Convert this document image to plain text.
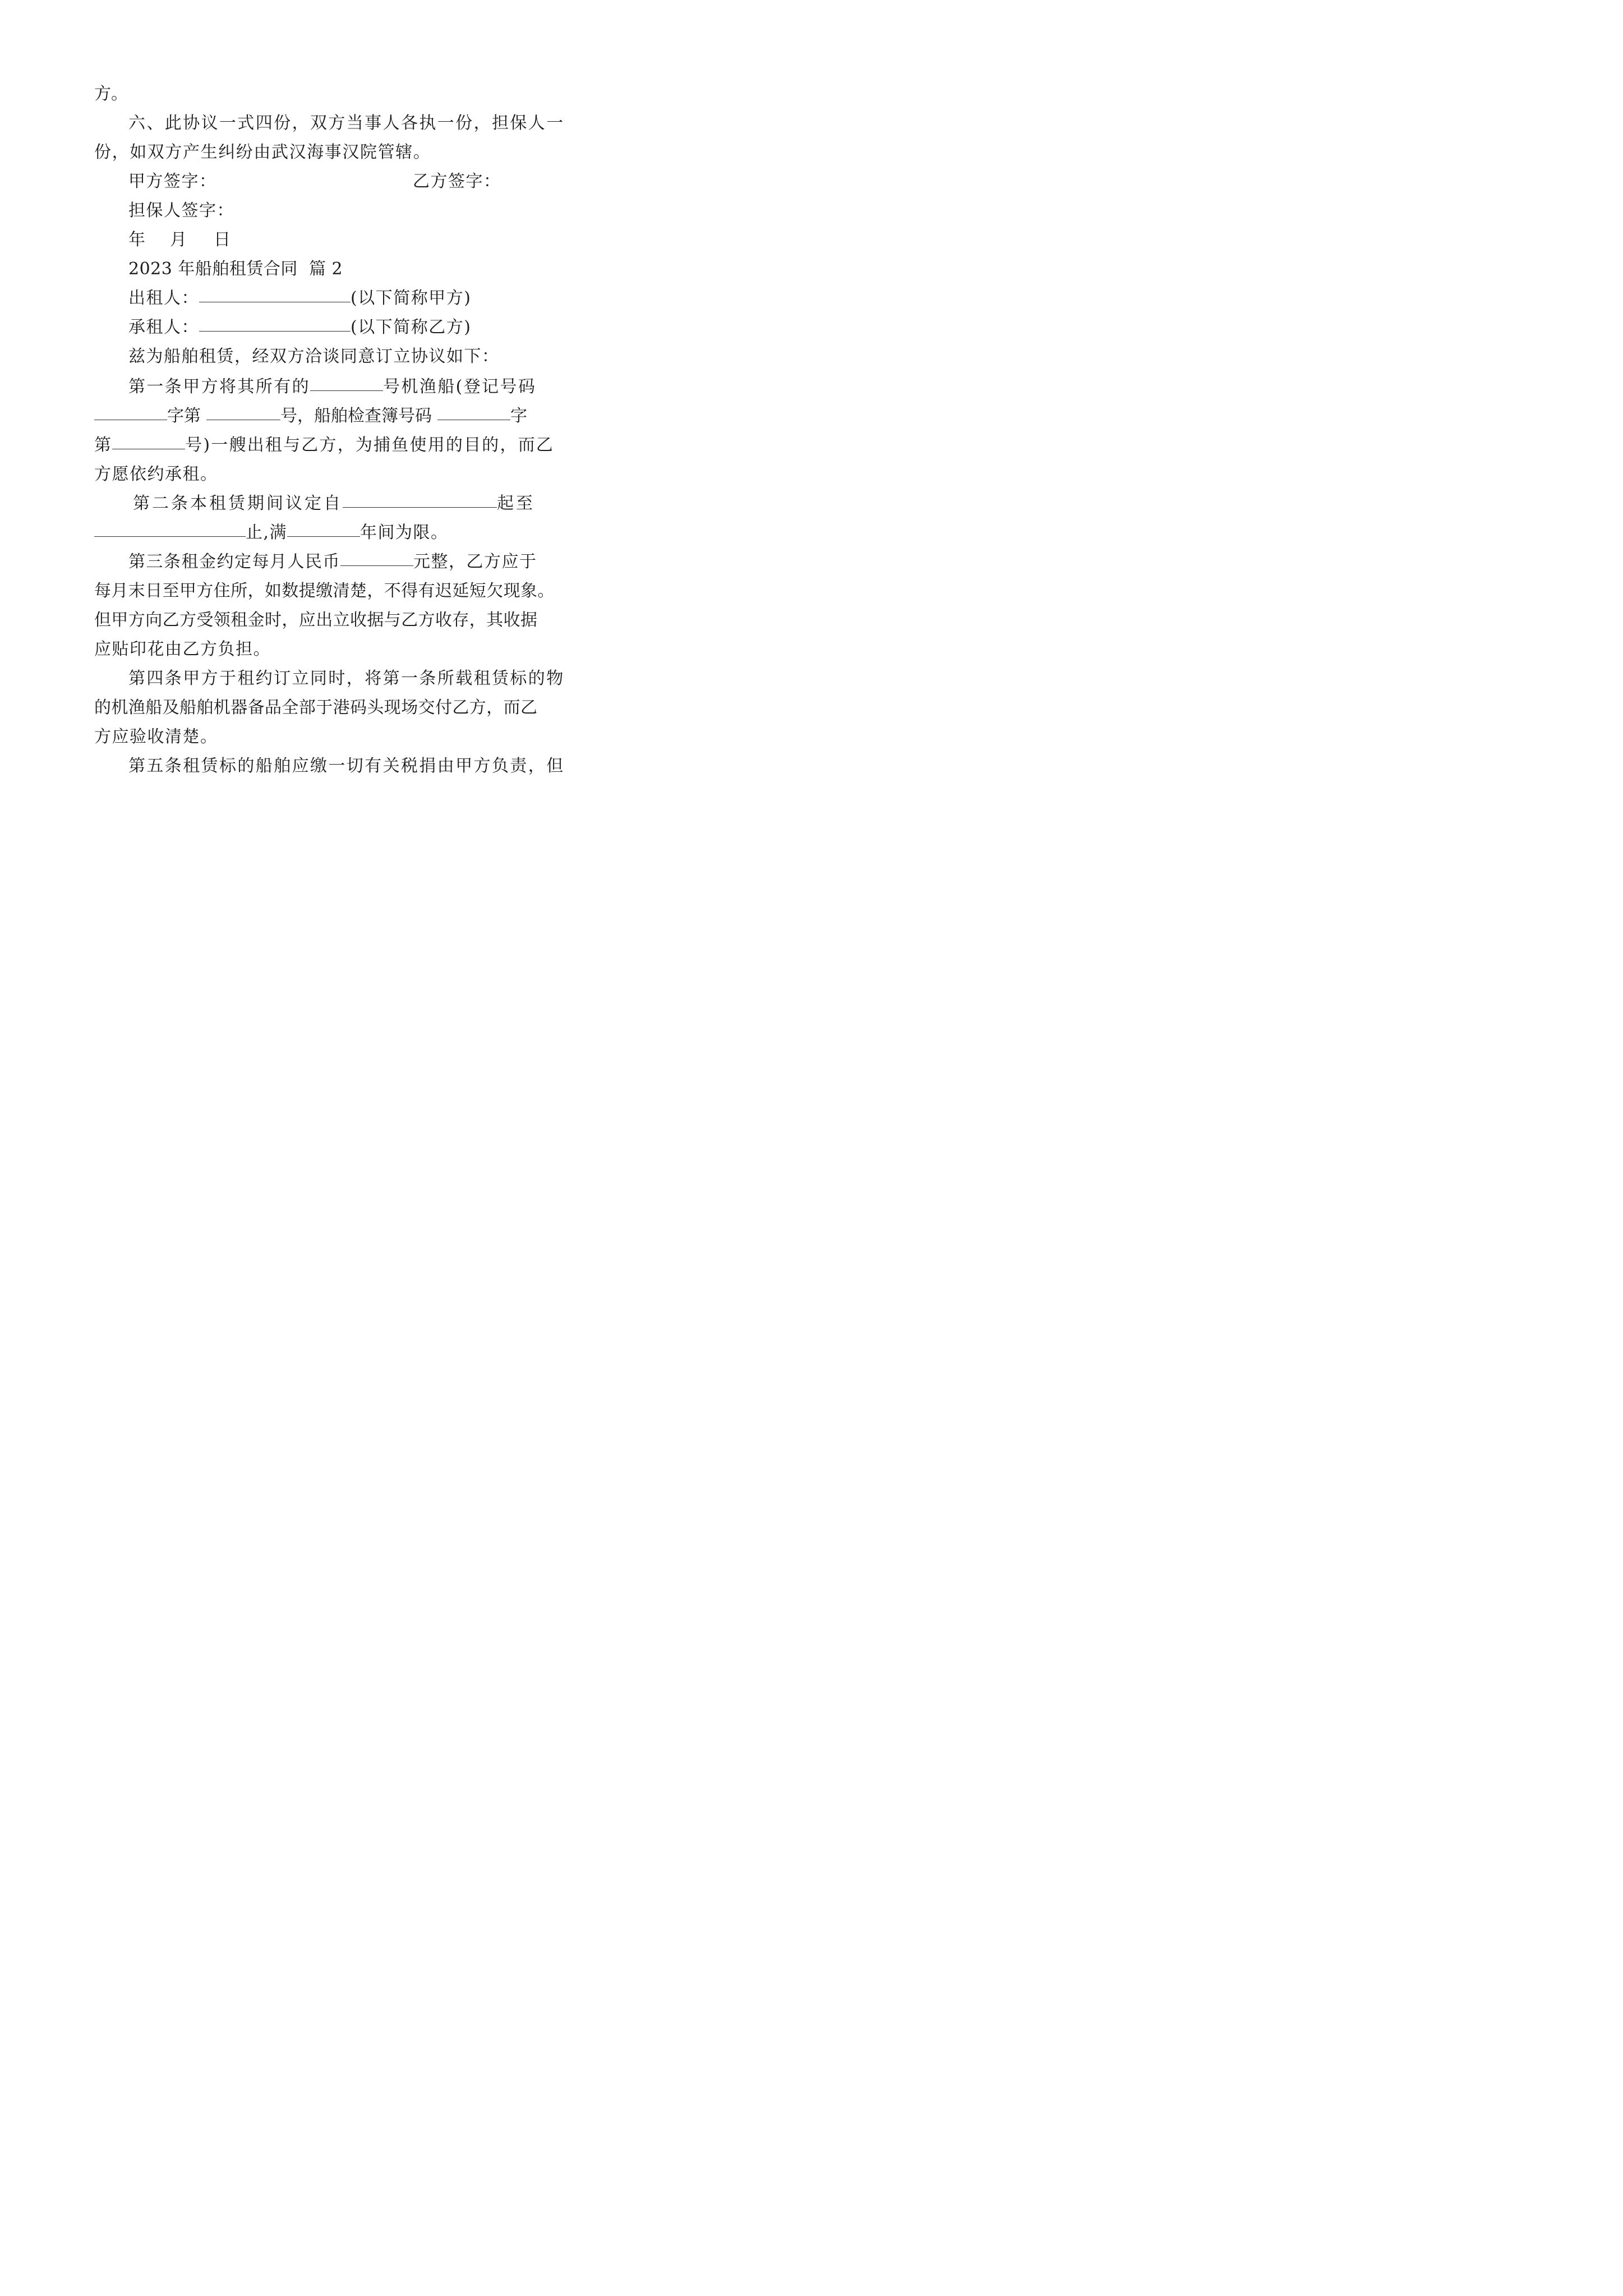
方。
六、此协议一式四份，双方当事人各执一份，担保人一
份，如双方产生纠纷由武汉海事汉院管辖。
甲方签字：	乙方签字：
担保人签字：
年 月 日
2023 年船舶租赁合同  篇 2
出租人：	(以下简称甲方)
承租人：	(以下简称乙方)
兹为船舶租赁，经双方洽谈同意订立协议如下：
第一条甲方将其所有的	号机渔船(登记号码
字第	号，船舶检查簿号码	字
第	号)一艘出租与乙方，为捕鱼使用的目的，而乙
方愿依约承租。
第二条本租赁期间议定自	起至
止,满	年间为限。
第三条租金约定每月人民币	元整，乙方应于
每月末日至甲方住所，如数提缴清楚，不得有迟延短欠现象。
但甲方向乙方受领租金时，应出立收据与乙方收存，其收据
应贴印花由乙方负担。
第四条甲方于租约订立同时，将第一条所载租赁标的物
的机渔船及船舶机器备品全部于港码头现场交付乙方，而乙
方应验收清楚。
第五条租赁标的船舶应缴一切有关税捐由甲方负责，但
